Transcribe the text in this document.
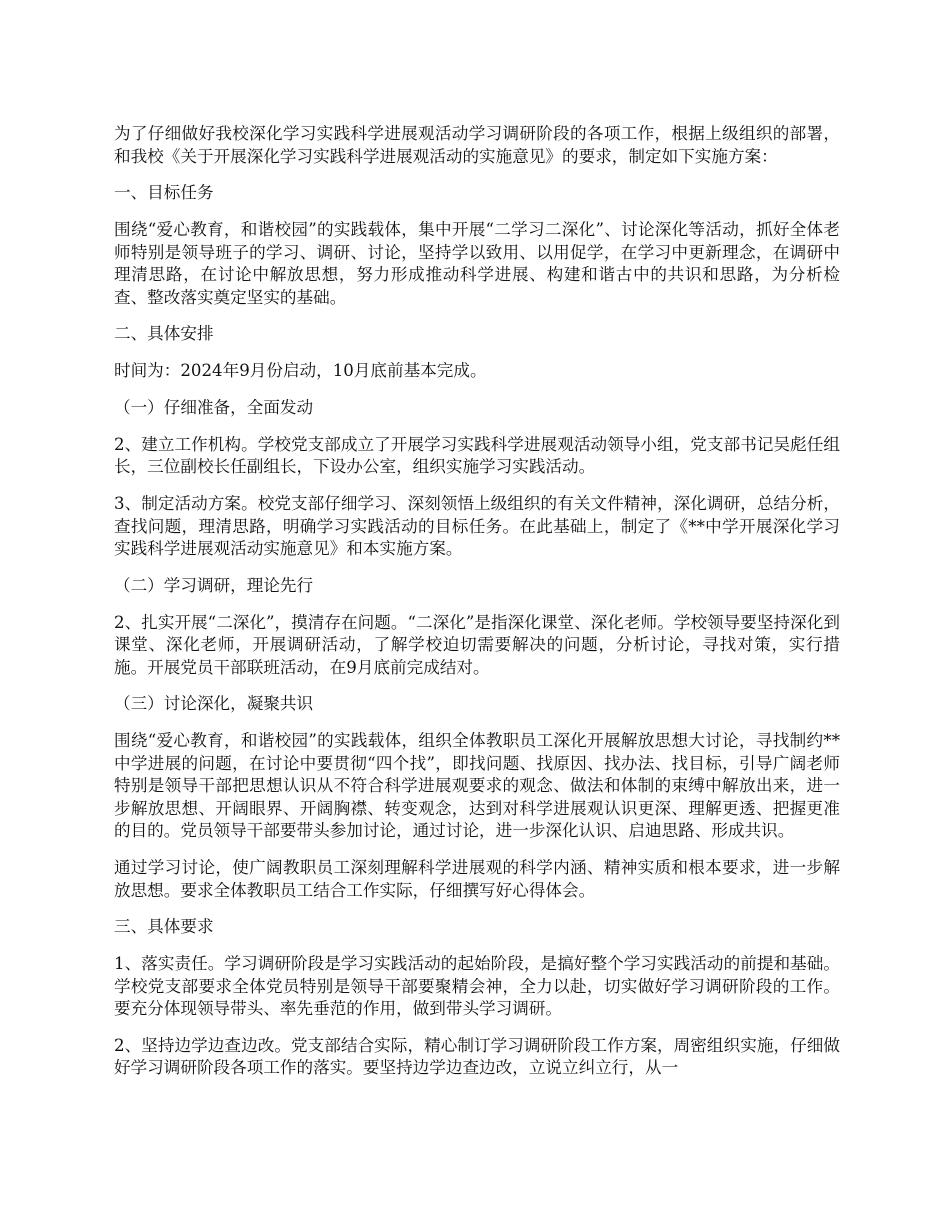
为了仔细做好我校深化学习实践科学进展观活动学习调研阶段的各项工作，根据上级组织的部署，和我校《关于开展深化学习实践科学进展观活动的实施意见》的要求，制定如下实施方案：

一、目标任务

围绕“爱心教育，和谐校园”的实践载体，集中开展“二学习二深化”、讨论深化等活动，抓好全体老师特别是领导班子的学习、调研、讨论，坚持学以致用、以用促学，在学习中更新理念，在调研中理清思路，在讨论中解放思想，努力形成推动科学进展、构建和谐古中的共识和思路，为分析检查、整改落实奠定坚实的基础。

二、具体安排

时间为：2024年9月份启动，10月底前基本完成。

（一）仔细准备，全面发动

2、建立工作机构。学校党支部成立了开展学习实践科学进展观活动领导小组，党支部书记吴彪任组长，三位副校长任副组长，下设办公室，组织实施学习实践活动。

3、制定活动方案。校党支部仔细学习、深刻领悟上级组织的有关文件精神，深化调研，总结分析，查找问题，理清思路，明确学习实践活动的目标任务。在此基础上，制定了《**中学开展深化学习实践科学进展观活动实施意见》和本实施方案。

（二）学习调研，理论先行

2、扎实开展“二深化”，摸清存在问题。“二深化”是指深化课堂、深化老师。学校领导要坚持深化到课堂、深化老师，开展调研活动，了解学校迫切需要解决的问题，分析讨论，寻找对策，实行措施。开展党员干部联班活动，在9月底前完成结对。

（三）讨论深化，凝聚共识

围绕“爱心教育，和谐校园”的实践载体，组织全体教职员工深化开展解放思想大讨论，寻找制约**中学进展的问题，在讨论中要贯彻“四个找”，即找问题、找原因、找办法、找目标，引导广阔老师特别是领导干部把思想认识从不符合科学进展观要求的观念、做法和体制的束缚中解放出来，进一步解放思想、开阔眼界、开阔胸襟、转变观念，达到对科学进展观认识更深、理解更透、把握更准的目的。党员领导干部要带头参加讨论，通过讨论，进一步深化认识、启迪思路、形成共识。

通过学习讨论，使广阔教职员工深刻理解科学进展观的科学内涵、精神实质和根本要求，进一步解放思想。要求全体教职员工结合工作实际，仔细撰写好心得体会。

三、具体要求

1、落实责任。学习调研阶段是学习实践活动的起始阶段，是搞好整个学习实践活动的前提和基础。学校党支部要求全体党员特别是领导干部要聚精会神，全力以赴，切实做好学习调研阶段的工作。要充分体现领导带头、率先垂范的作用，做到带头学习调研。

2、坚持边学边查边改。党支部结合实际，精心制订学习调研阶段工作方案，周密组织实施，仔细做好学习调研阶段各项工作的落实。要坚持边学边查边改，立说立纠立行，从一
